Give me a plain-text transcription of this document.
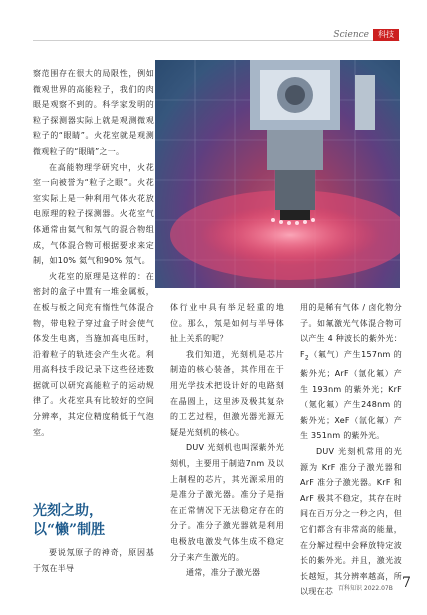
Science	科技

察范围存在很大的局限性，例如微观世界的高能粒子，我们的肉眼是观察不到的。科学家发明的粒子探测器实际上就是观测微观粒子的“眼睛”。火花室就是观测微观粒子的“眼睛”之一。

在高能物理学研究中，火花室一向被誉为“粒子之眼”。火花室实际上是一种利用气体火花放电原理的粒子探测器。火花室气体通常由氦气和氖气的混合物组成，气体混合物可根据要求来定制，如10% 氦气和90% 氖气。

火花室的原理是这样的：在密封的盒子中置有一堆金属板，在板与板之间充有惰性气体混合物，带电粒子穿过盒子时会使气体发生电离，当施加高电压时，沿着粒子的轨迹会产生火花。利用高科技手段记录下这些径迹数据就可以研究高能粒子的运动规律了。火花室具有比较好的空间分辨率，其定位精度稍低于气泡室。

光刻之助，
以“懒”制胜

要说氖原子的神奇，原因基于氖在半导

体行业中具有举足轻重的地位。那么，氖是如何与半导体扯上关系的呢？

我们知道，光刻机是芯片制造的核心装备，其作用在于用光学技术把设计好的电路刻在晶圆上，这里涉及极其复杂的工艺过程，但激光器光源无疑是光刻机的核心。

DUV 光刻机也叫深紫外光刻机，主要用于制造7nm 及以上制程的芯片，其光源采用的是准分子激光器。准分子是指在正常情况下无法稳定存在的分子。准分子激光器就是利用电极放电激发气体生成不稳定分子来产生激光的。

通常，准分子激光器

用的是稀有气体 / 卤化物分子。如氟激光气体混合物可以产生 4 种波长的紫外光：$F_2$（氟气）产生157nm 的紫外光；ArF（氩化氟）产生 193nm 的紫外光；KrF（氪化氟）产生248nm 的紫外光；XeF（氙化氟）产生 351nm 的紫外光。

DUV 光刻机常用的光源为 KrF 准分子激光器和 ArF 准分子激光器。KrF 和 ArF 极其不稳定，其存在时间在百万分之一秒之内，但它们都含有非常高的能量，在分解过程中会释放特定波长的紫外光。并且，激光波长越短，其分辨率越高，所以现在芯 百科知识 2022.07B 7
